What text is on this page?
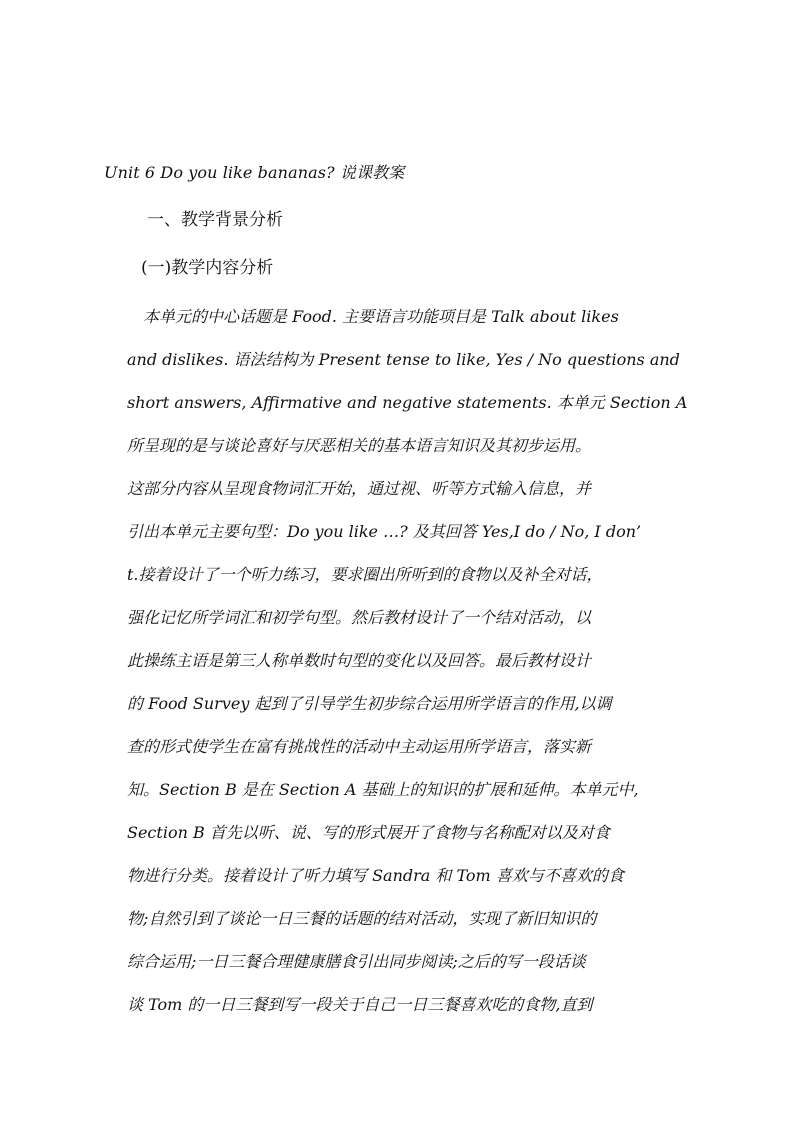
Unit 6 Do you like bananas? 说课教案
一、教学背景分析
(一)教学内容分析
本单元的中心话题是 Food. 主要语言功能项目是 Talk about likes
and dislikes. 语法结构为 Present tense to like, Yes / No questions and
short answers, Affirmative and negative statements. 本单元 Section A
所呈现的是与谈论喜好与厌恶相关的基本语言知识及其初步运用。
这部分内容从呈现食物词汇开始，通过视、听等方式输入信息，并
引出本单元主要句型：Do you like …? 及其回答 Yes,I do / No, I don’
t.接着设计了一个听力练习，要求圈出所听到的食物以及补全对话，
强化记忆所学词汇和初学句型。然后教材设计了一个结对活动，以
此操练主语是第三人称单数时句型的变化以及回答。最后教材设计
的 Food Survey 起到了引导学生初步综合运用所学语言的作用,以调
查的形式使学生在富有挑战性的活动中主动运用所学语言，落实新
知。Section B 是在 Section A 基础上的知识的扩展和延伸。本单元中,
Section B 首先以听、说、写的形式展开了食物与名称配对以及对食
物进行分类。接着设计了听力填写 Sandra 和 Tom 喜欢与不喜欢的食
物;自然引到了谈论一日三餐的话题的结对活动，实现了新旧知识的
综合运用;一日三餐合理健康膳食引出同步阅读;之后的写一段话谈
谈 Tom 的一日三餐到写一段关于自己一日三餐喜欢吃的食物,直到
